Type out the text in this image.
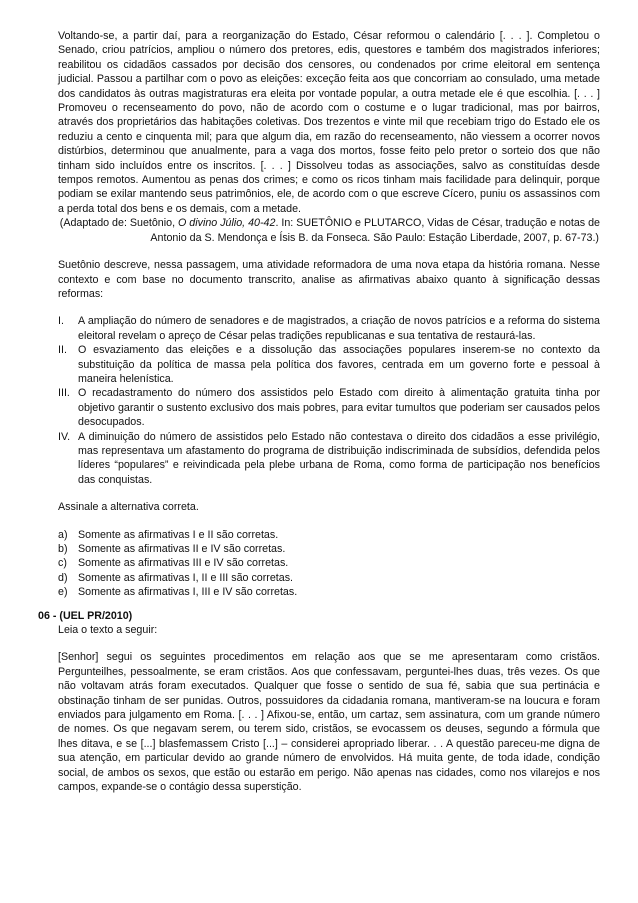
Voltando-se, a partir daí, para a reorganização do Estado, César reformou o calendário [. . . ]. Completou o Senado, criou patrícios, ampliou o número dos pretores, edis, questores e também dos magistrados inferiores; reabilitou os cidadãos cassados por decisão dos censores, ou condenados por crime eleitoral em sentença judicial. Passou a partilhar com o povo as eleições: exceção feita aos que concorriam ao consulado, uma metade dos candidatos às outras magistraturas era eleita por vontade popular, a outra metade ele é que escolhia. [. . . ] Promoveu o recenseamento do povo, não de acordo com o costume e o lugar tradicional, mas por bairros, através dos proprietários das habitações coletivas. Dos trezentos e vinte mil que recebiam trigo do Estado ele os reduziu a cento e cinquenta mil; para que algum dia, em razão do recenseamento, não viessem a ocorrer novos distúrbios, determinou que anualmente, para a vaga dos mortos, fosse feito pelo pretor o sorteio dos que não tinham sido incluídos entre os inscritos. [. . . ] Dissolveu todas as associações, salvo as constituídas desde tempos remotos. Aumentou as penas dos crimes; e como os ricos tinham mais facilidade para delinquir, porque podiam se exilar mantendo seus patrimônios, ele, de acordo com o que escreve Cícero, puniu os assassinos com a perda total dos bens e os demais, com a metade.

(Adaptado de: Suetônio, O divino Júlio, 40-42. In: SUETÔNIO e PLUTARCO, Vidas de César, tradução e notas de

Antonio da S. Mendonça e Ísis B. da Fonseca. São Paulo: Estação Liberdade, 2007, p. 67-73.)

Suetônio descreve, nessa passagem, uma atividade reformadora de uma nova etapa da história romana. Nesse contexto e com base no documento transcrito, analise as afirmativas abaixo quanto à significação dessas reformas:

I. A ampliação do número de senadores e de magistrados, a criação de novos patrícios e a reforma do sistema eleitoral revelam o apreço de César pelas tradições republicanas e sua tentativa de restaurá-las.
II. O esvaziamento das eleições e a dissolução das associações populares inserem-se no contexto da substituição da política de massa pela política dos favores, centrada em um governo forte e pessoal à maneira helenística.
III. O recadastramento do número dos assistidos pelo Estado com direito à alimentação gratuita tinha por objetivo garantir o sustento exclusivo dos mais pobres, para evitar tumultos que poderiam ser causados pelos desocupados.
IV. A diminuição do número de assistidos pelo Estado não contestava o direito dos cidadãos a esse privilégio, mas representava um afastamento do programa de distribuição indiscriminada de subsídios, defendida pelos líderes “populares” e reivindicada pela plebe urbana de Roma, como forma de participação nos benefícios das conquistas.

Assinale a alternativa correta.

a) Somente as afirmativas I e II são corretas.
b) Somente as afirmativas II e IV são corretas.
c) Somente as afirmativas III e IV são corretas.
d) Somente as afirmativas I, II e III são corretas.
e) Somente as afirmativas I, III e IV são corretas.

06 - (UEL PR/2010)

Leia o texto a seguir:

[Senhor] segui os seguintes procedimentos em relação aos que se me apresentaram como cristãos. Pergunteilhes, pessoalmente, se eram cristãos. Aos que confessavam, perguntei-lhes duas, três vezes. Os que não voltavam atrás foram executados. Qualquer que fosse o sentido de sua fé, sabia que sua pertinácia e obstinação tinham de ser punidas. Outros, possuidores da cidadania romana, mantiveram-se na loucura e foram enviados para julgamento em Roma. [. . . ] Afixou-se, então, um cartaz, sem assinatura, com um grande número de nomes. Os que negavam serem, ou terem sido, cristãos, se evocassem os deuses, segundo a fórmula que lhes ditava, e se [...] blasfemassem Cristo [...] – considerei apropriado liberar. . . A questão pareceu-me digna de sua atenção, em particular devido ao grande número de envolvidos. Há muita gente, de toda idade, condição social, de ambos os sexos, que estão ou estarão em perigo. Não apenas nas cidades, como nos vilarejos e nos campos, expande-se o contágio dessa superstição.
